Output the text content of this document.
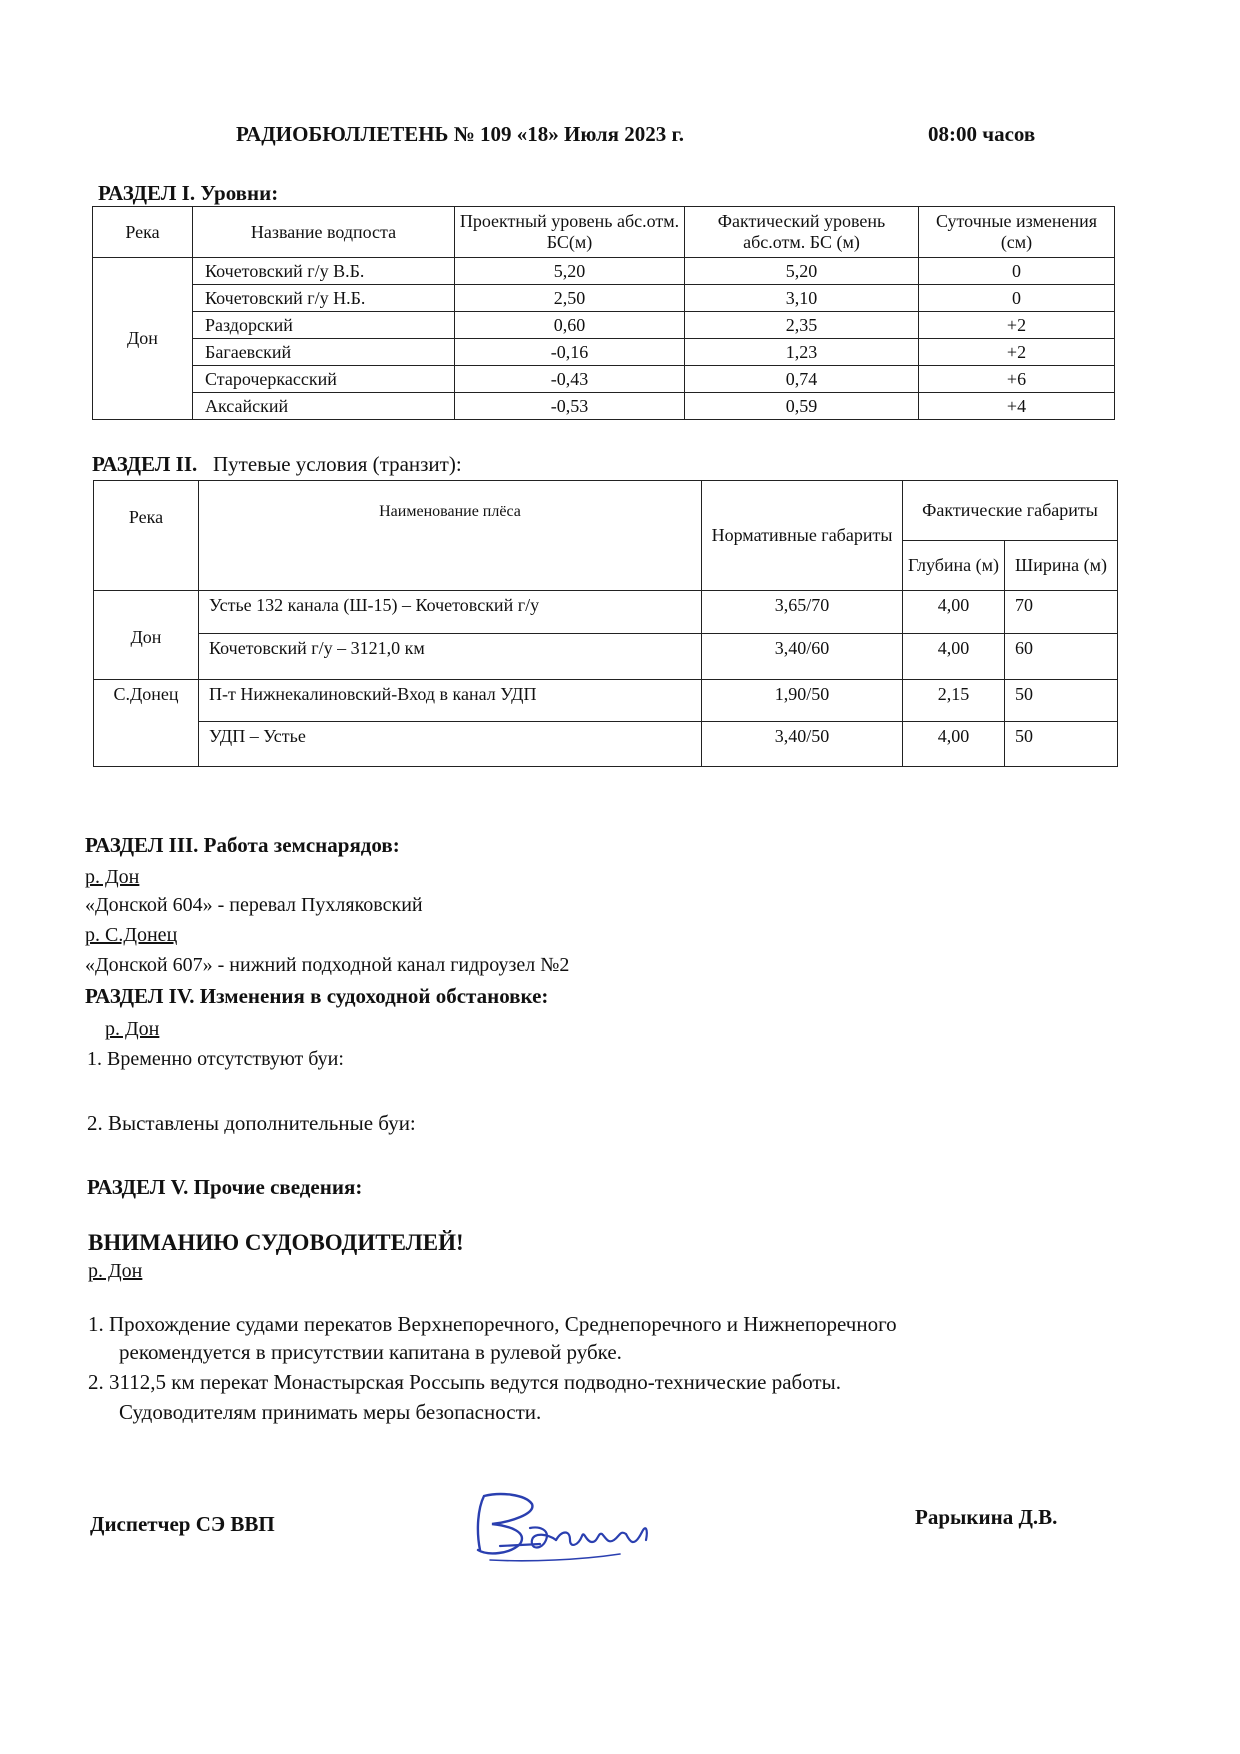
РАДИОБЮЛЛЕТЕНЬ № 109 «18» Июля 2023 г.	08:00 часов
РАЗДЕЛ I. Уровни:
Река	Название водпоста	Проектный уровень абс.отм. БС(м)	Фактический уровень абс.отм. БС (м)	Суточные изменения (см)
Дон	Кочетовский г/у В.Б.	5,20	5,20	0
	Кочетовский г/у Н.Б.	2,50	3,10	0
	Раздорский	0,60	2,35	+2
	Багаевский	-0,16	1,23	+2
	Старочеркасский	-0,43	0,74	+6
	Аксайский	-0,53	0,59	+4
РАЗДЕЛ II. Путевые условия (транзит):
Река	Наименование плёса	Нормативные габариты	Фактические габариты	
			Глубина (м)	Ширина (м)
Дон	Устье 132 канала (Ш-15) – Кочетовский г/у	3,65/70	4,00	70
	Кочетовский г/у – 3121,0 км	3,40/60	4,00	60
С.Донец	П-т Нижнекалиновский-Вход в канал УДП	1,90/50	2,15	50
	УДП – Устье	3,40/50	4,00	50
РАЗДЕЛ III. Работа земснарядов:
р. Дон
«Донской 604» - перевал Пухляковский
р. С.Донец
«Донской 607» - нижний подходной канал гидроузел №2
РАЗДЕЛ IV. Изменения в судоходной обстановке:
р. Дон
1. Временно отсутствуют буи:
2. Выставлены дополнительные буи:
РАЗДЕЛ V. Прочие сведения:
ВНИМАНИЮ СУДОВОДИТЕЛЕЙ!
р. Дон
1. Прохождение судами перекатов Верхнепоречного, Среднепоречного и Нижнепоречного
рекомендуется в присутствии капитана в рулевой рубке.
2. 3112,5 км перекат Монастырская Россыпь ведутся подводно-технические работы.
Судоводителям принимать меры безопасности.
Диспетчер СЭ ВВП	Рарыкина Д.В.
